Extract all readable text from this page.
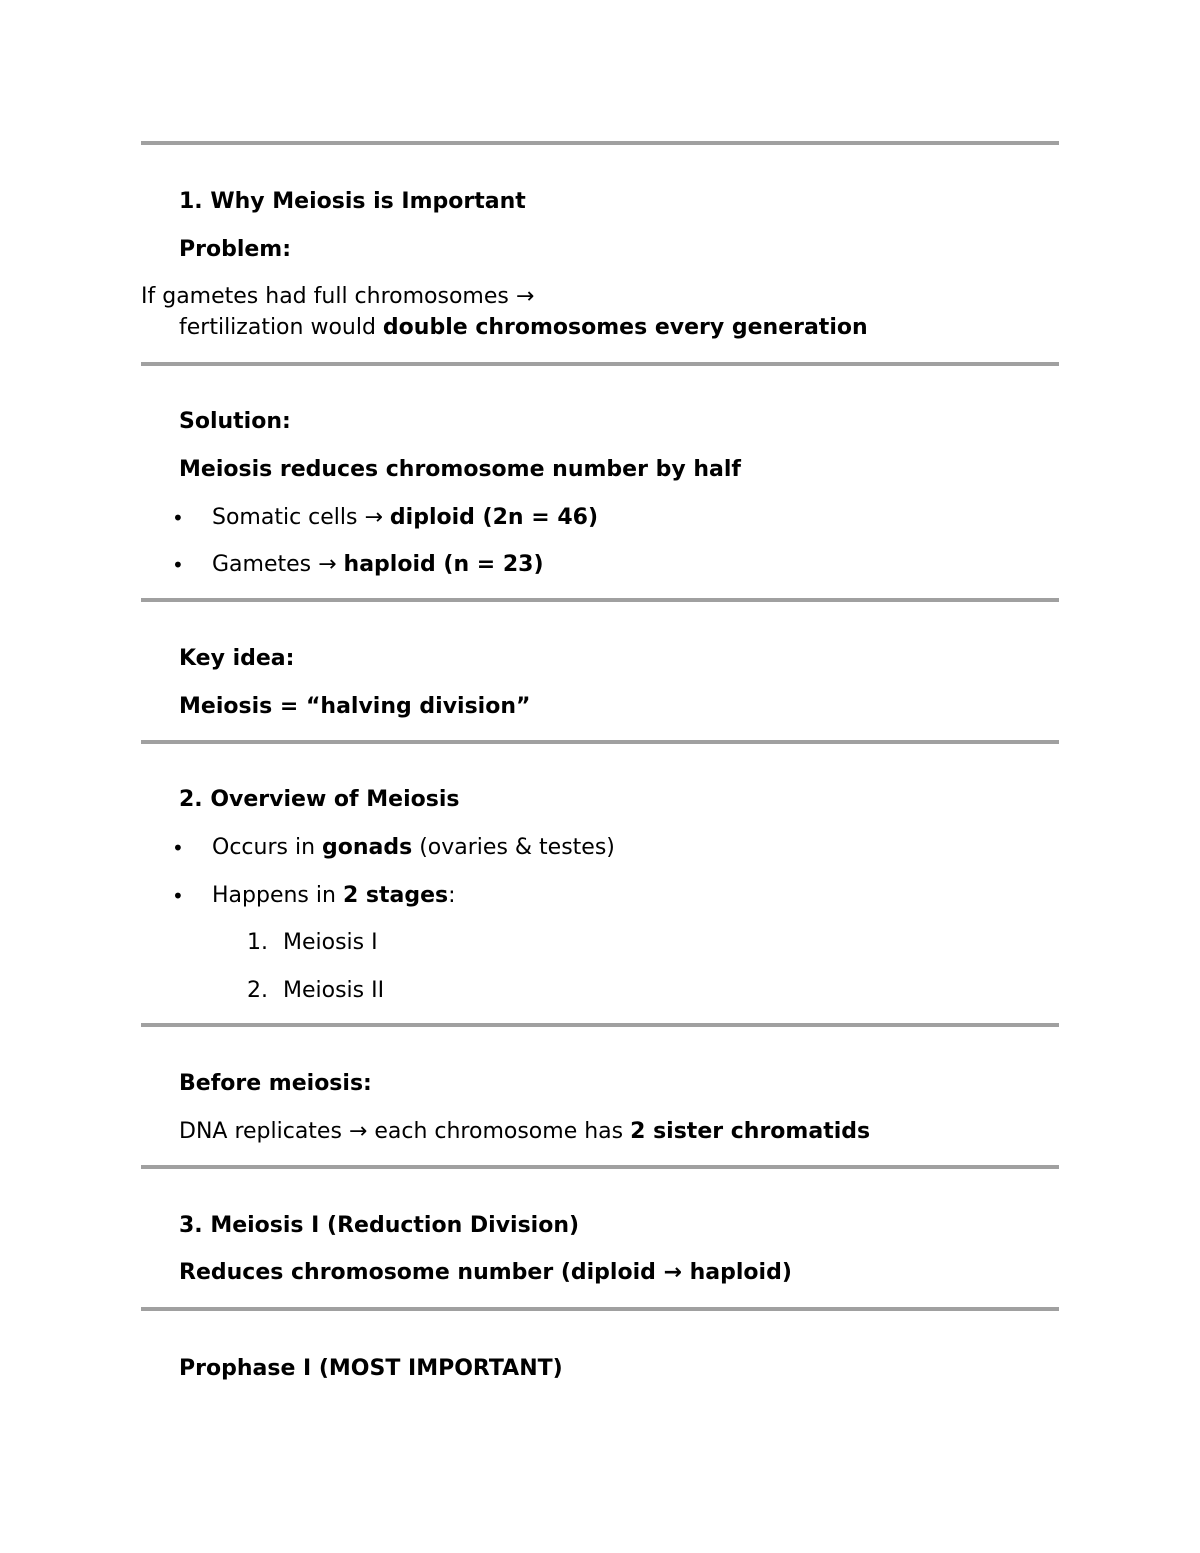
1. Why Meiosis is Important
Problem:
If gametes had full chromosomes →
fertilization would double chromosomes every generation
Solution:
Meiosis reduces chromosome number by half
• Somatic cells → diploid (2n = 46)
• Gametes → haploid (n = 23)
Key idea:
Meiosis = “halving division”
2. Overview of Meiosis
• Occurs in gonads (ovaries & testes)
• Happens in 2 stages:
1. Meiosis I
2. Meiosis II
Before meiosis:
DNA replicates → each chromosome has 2 sister chromatids
3. Meiosis I (Reduction Division)
Reduces chromosome number (diploid → haploid)
Prophase I (MOST IMPORTANT)
